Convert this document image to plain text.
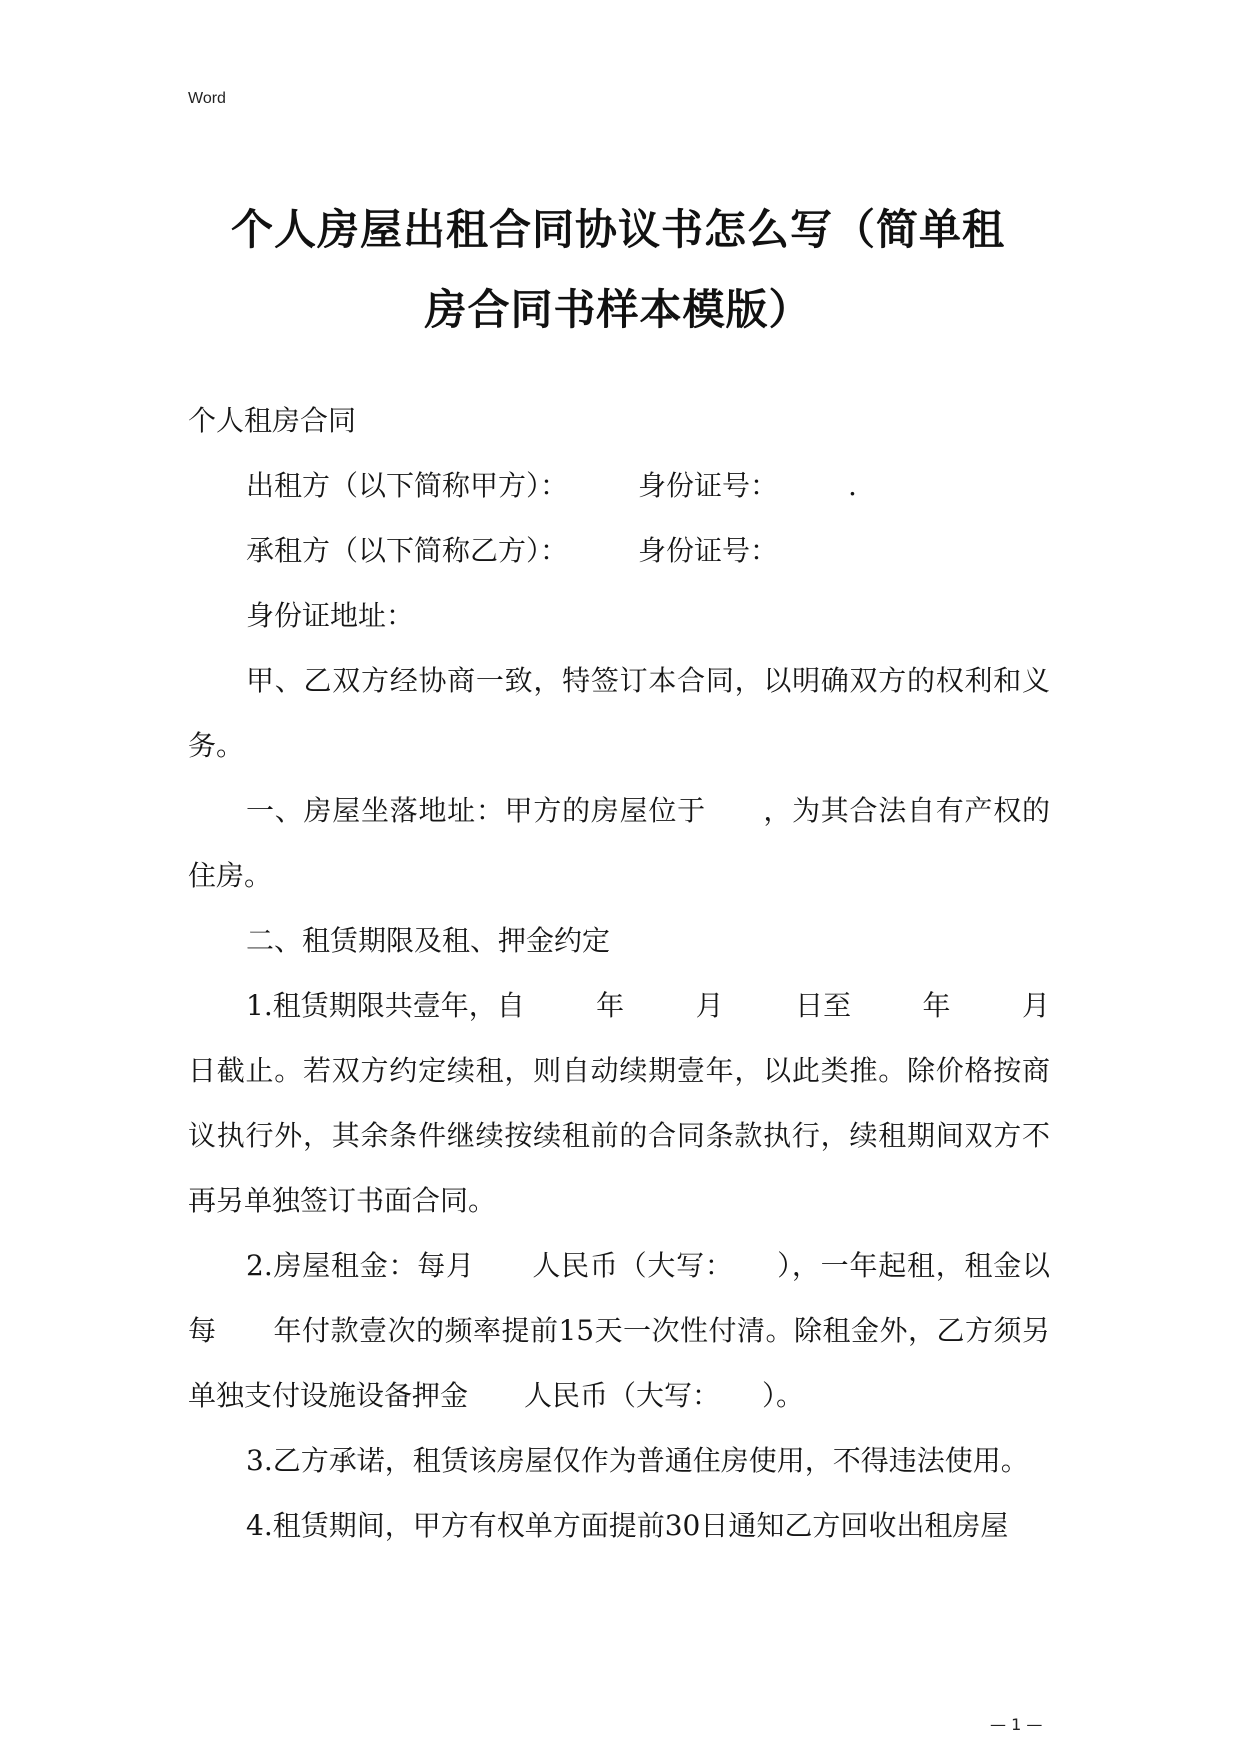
Word
个人房屋出租合同协议书怎么写（简单租
房合同书样本模版）

个人租房合同

出租方（以下简称甲方）：　　　身份证号：　　　.

承租方（以下简称乙方）：　　　身份证号：

身份证地址：

甲、乙双方经协商一致，特签订本合同，以明确双方的权利和义务。

一、房屋坐落地址：甲方的房屋位于　　，为其合法自有产权的住房。

二、租赁期限及租、押金约定

1.租赁期限共壹年，自	年	月	日至	年	月

日截止。若双方约定续租，则自动续期壹年，以此类推。除价格按商议执行外，其余条件继续按续租前的合同条款执行，续租期间双方不再另单独签订书面合同。

2.房屋租金：每月　　人民币（大写：　　），一年起租，租金以每　　年付款壹次的频率提前15天一次性付清。除租金外，乙方须另单独支付设施设备押金　　人民币（大写：　　）。

3.乙方承诺，租赁该房屋仅作为普通住房使用，不得违法使用。

4.租赁期间，甲方有权单方面提前30日通知乙方回收出租房屋

— 1 —
